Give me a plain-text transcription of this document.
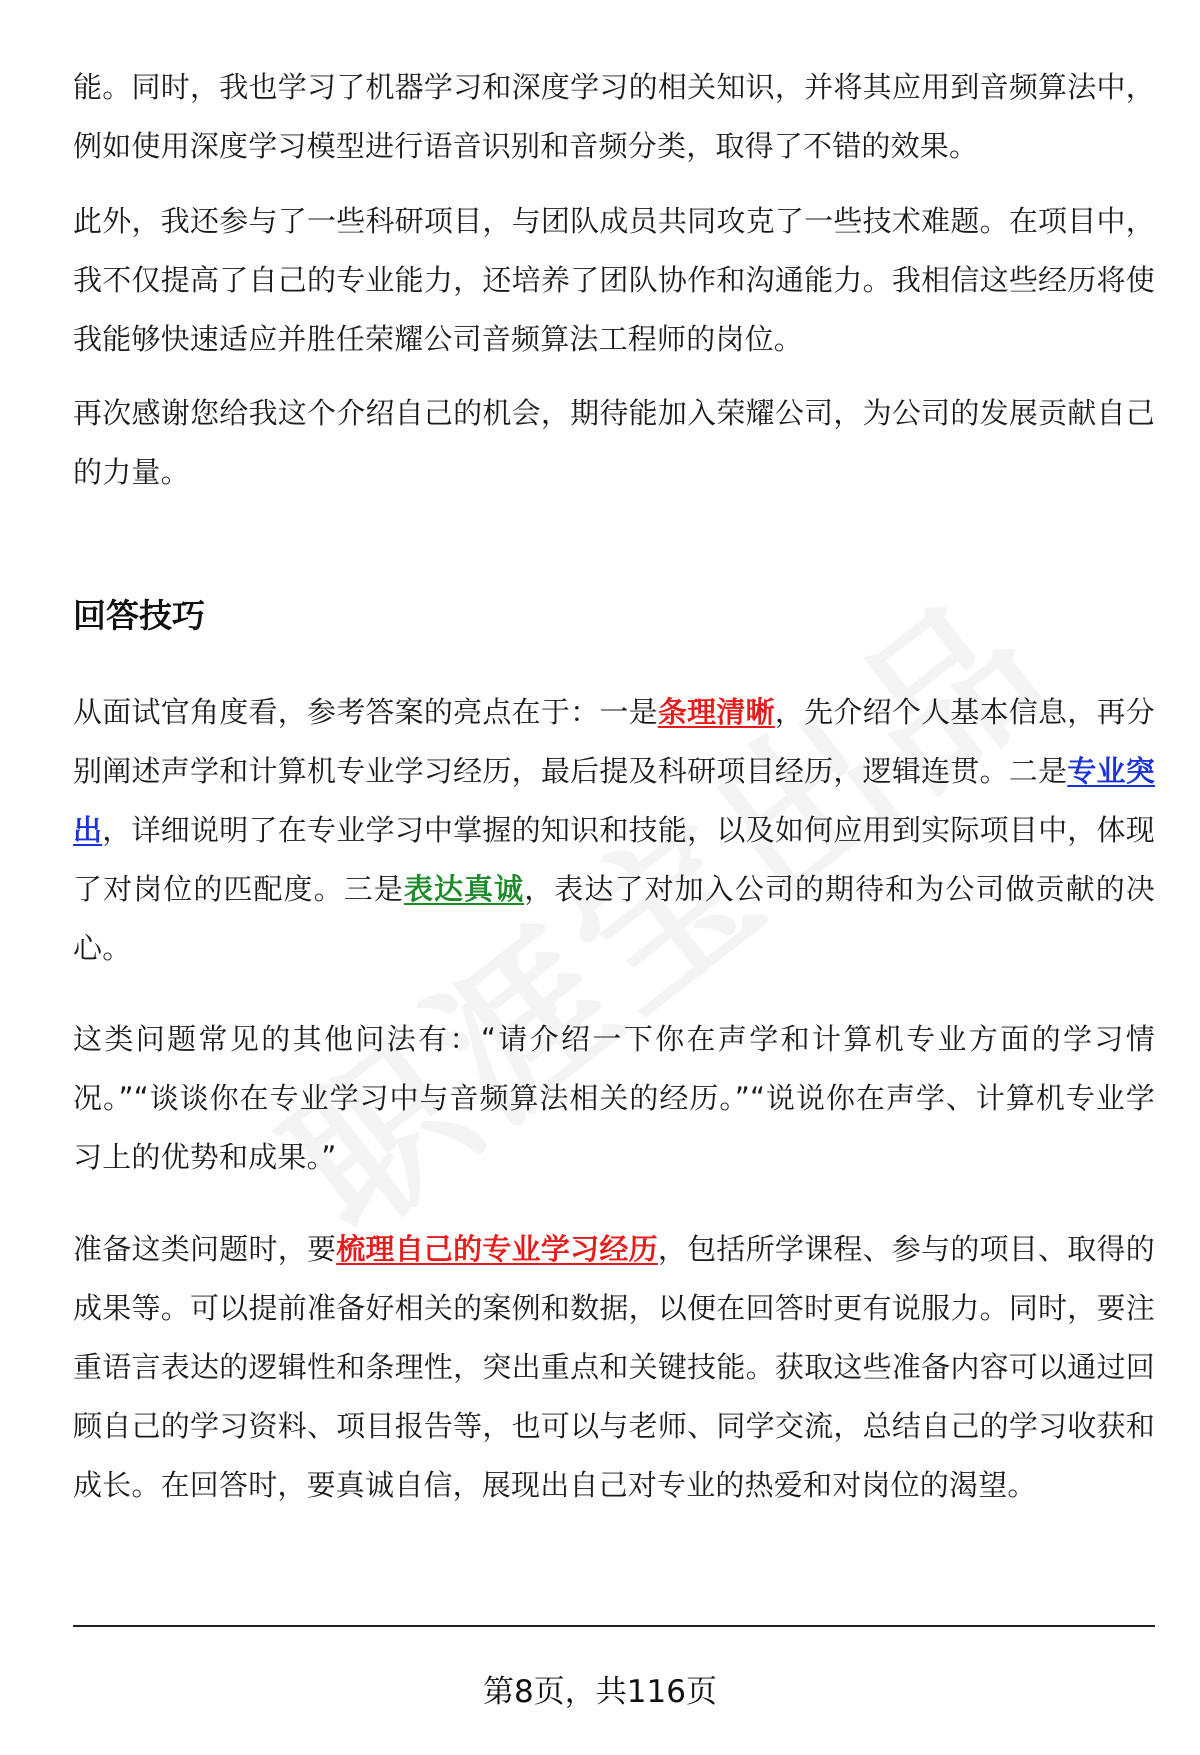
能。同时，我也学习了机器学习和深度学习的相关知识，并将其应用到音频算法中，例如使用深度学习模型进行语音识别和音频分类，取得了不错的效果。

此外，我还参与了一些科研项目，与团队成员共同攻克了一些技术难题。在项目中，我不仅提高了自己的专业能力，还培养了团队协作和沟通能力。我相信这些经历将使我能够快速适应并胜任荣耀公司音频算法工程师的岗位。

再次感谢您给我这个介绍自己的机会，期待能加入荣耀公司，为公司的发展贡献自己的力量。

回答技巧

从面试官角度看，参考答案的亮点在于：一是条理清晰，先介绍个人基本信息，再分别阐述声学和计算机专业学习经历，最后提及科研项目经历，逻辑连贯。二是专业突出，详细说明了在专业学习中掌握的知识和技能，以及如何应用到实际项目中，体现了对岗位的匹配度。三是表达真诚，表达了对加入公司的期待和为公司做贡献的决心。

这类问题常见的其他问法有：“请介绍一下你在声学和计算机专业方面的学习情况。”“谈谈你在专业学习中与音频算法相关的经历。”“说说你在声学、计算机专业学习上的优势和成果。”

准备这类问题时，要梳理自己的专业学习经历，包括所学课程、参与的项目、取得的成果等。可以提前准备好相关的案例和数据，以便在回答时更有说服力。同时，要注重语言表达的逻辑性和条理性，突出重点和关键技能。获取这些准备内容可以通过回顾自己的学习资料、项目报告等，也可以与老师、同学交流，总结自己的学习收获和成长。在回答时，要真诚自信，展现出自己对专业的热爱和对岗位的渴望。

第8页，共116页
